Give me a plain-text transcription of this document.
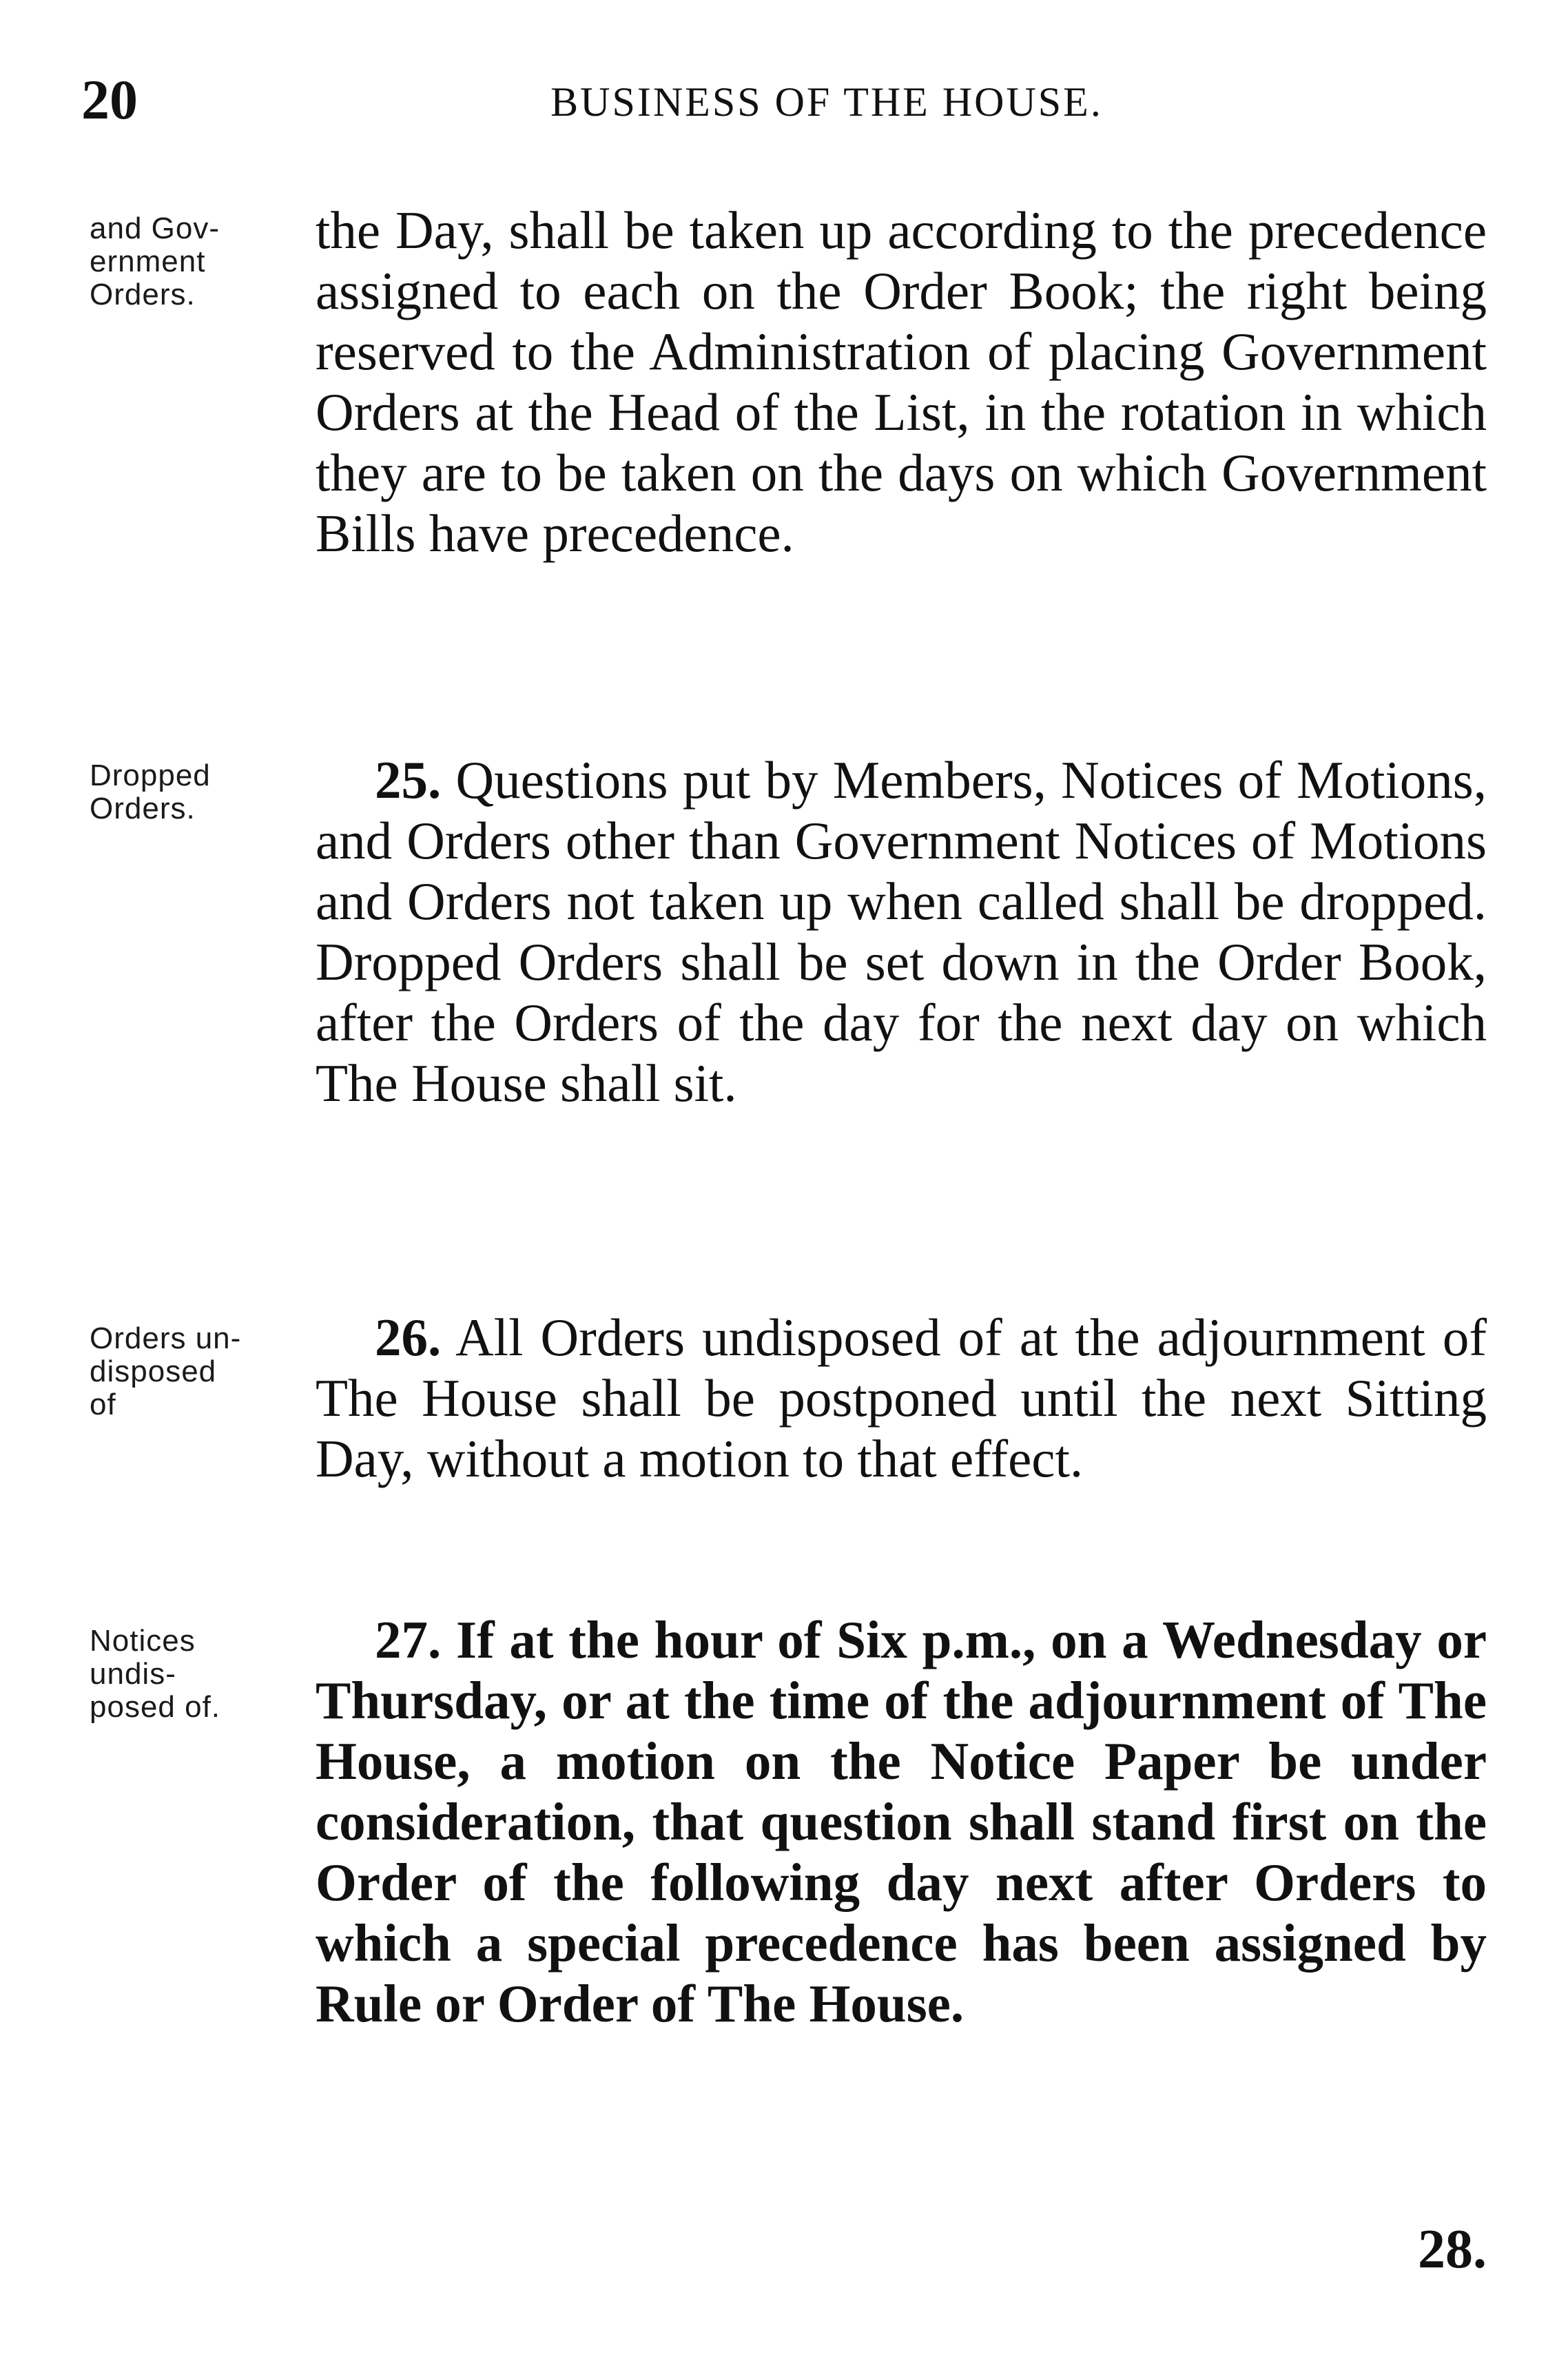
20	BUSINESS OF THE HOUSE.
and Gov-
ernment
Orders.
the Day, shall be taken up according to the precedence assigned to each on the Order Book; the right being reserved to the Administration of placing Government Orders at the Head of the List, in the rotation in which they are to be taken on the days on which Government Bills have precedence.
Dropped
Orders.	25. Questions put by Members, Notices of Motions, and Orders other than Government Notices of Motions and Orders not taken up when called shall be dropped. Dropped Orders shall be set down in the Order Book, after the Orders of the day for the next day on which The House shall sit.
Orders un-
disposed
of
26. All Orders undisposed of at the adjournment of The House shall be postponed until the next Sitting Day, without a motion to that effect.
Notices
undis-
posed of.
27. If at the hour of Six p.m., on a Wednesday or Thursday, or at the time of the adjournment of The House, a motion on the Notice Paper be under consideration, that question shall stand first on the Order of the following day next after Orders to which a special precedence has been assigned by Rule or Order of The House.
28.
